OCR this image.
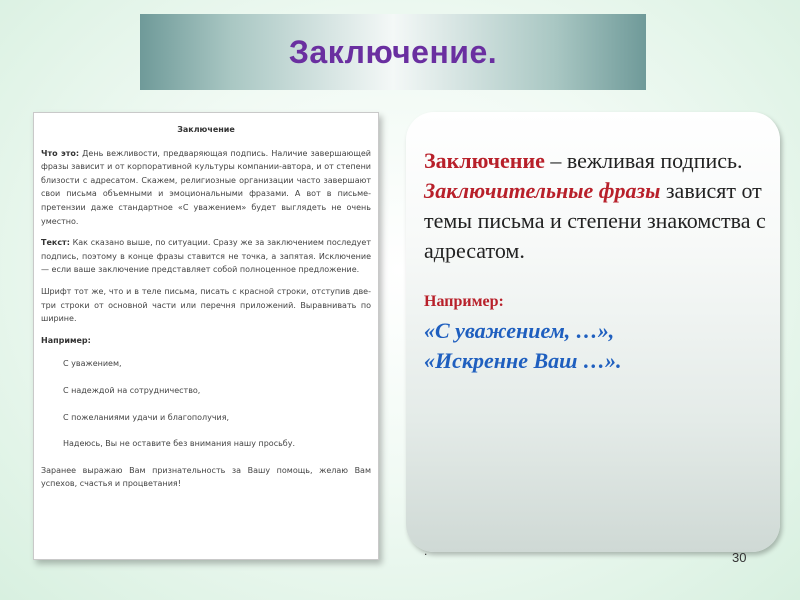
Заключение.
Заключение

Что это: День вежливости, предваряющая подпись. Наличие завершающей фразы зависит и от корпоративной культуры компании-автора, и от степени близости с адресатом. Скажем, религиозные организации часто завершают свои письма объемными и эмоциональными фразами. А вот в письме-претензии даже стандартное «С уважением» будет выглядеть не очень уместно.

Текст: Как сказано выше, по ситуации. Сразу же за заключением последует подпись, поэтому в конце фразы ставится не точка, а запятая. Исключение — если ваше заключение представляет собой полноценное предложение.

Шрифт тот же, что и в теле письма, писать с красной строки, отступив две-три строки от основной части или перечня приложений. Выравнивать по ширине.

Например:
С уважением,
С надеждой на сотрудничество,
С пожеланиями удачи и благополучия,
Надеюсь, Вы не оставите без внимания нашу просьбу.

Заранее выражаю Вам признательность за Вашу помощь, желаю Вам успехов, счастья и процветания!

Заключение – вежливая подпись.
Заключительные фразы зависят от темы письма и степени знакомства с адресатом.
Например:
«С уважением, …»,
«Искренне Ваш …».
.	30
